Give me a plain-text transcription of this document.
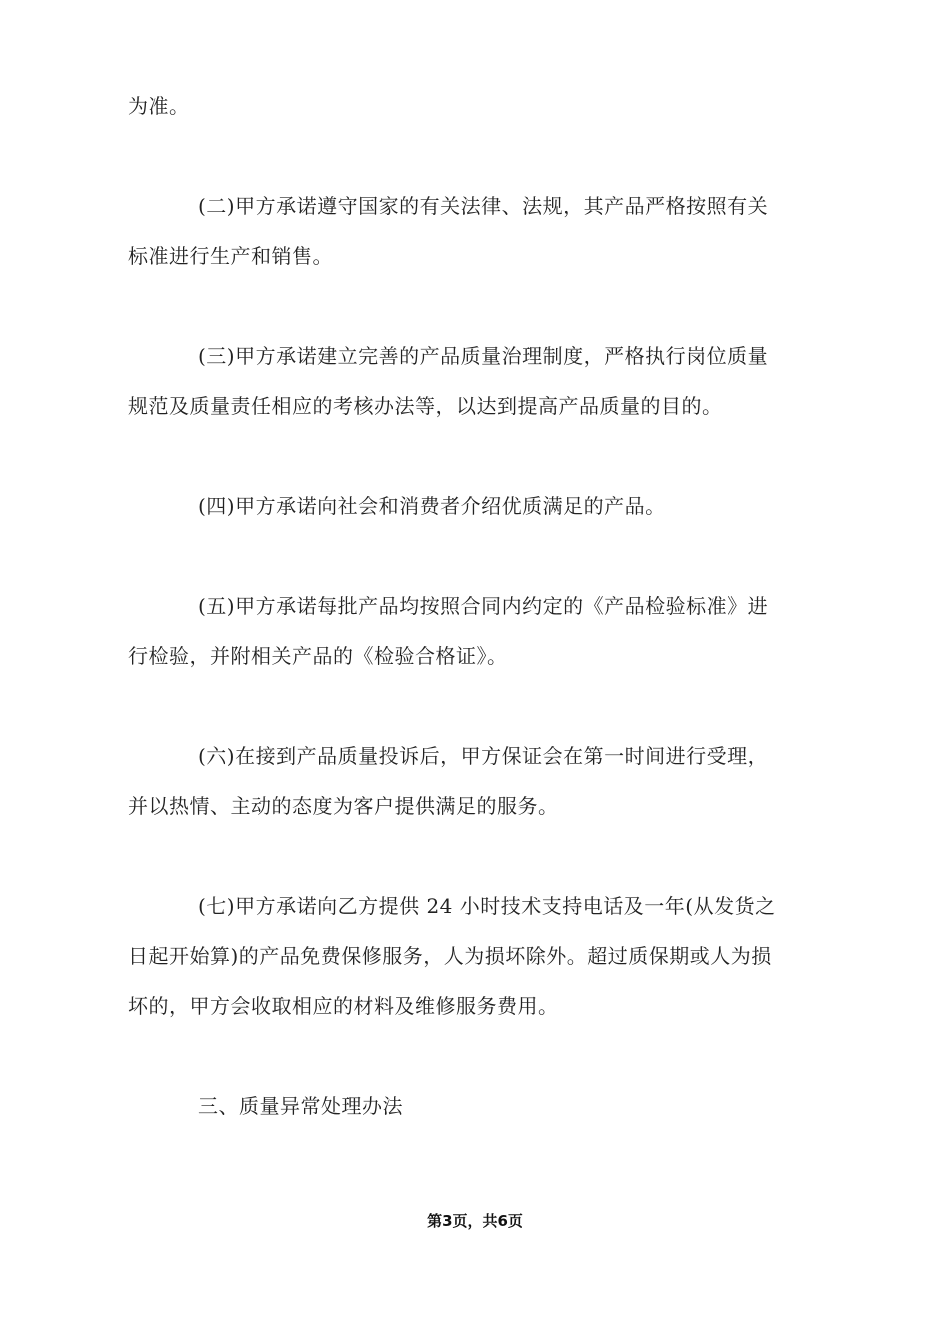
为准。
(二)甲方承诺遵守国家的有关法律、法规，其产品严格按照有关
标准进行生产和销售。
(三)甲方承诺建立完善的产品质量治理制度，严格执行岗位质量
规范及质量责任相应的考核办法等，以达到提高产品质量的目的。
(四)甲方承诺向社会和消费者介绍优质满足的产品。
(五)甲方承诺每批产品均按照合同内约定的《产品检验标准》进
行检验，并附相关产品的《检验合格证》。
(六)在接到产品质量投诉后，甲方保证会在第一时间进行受理，
并以热情、主动的态度为客户提供满足的服务。
(七)甲方承诺向乙方提供 24 小时技术支持电话及一年(从发货之
日起开始算)的产品免费保修服务，人为损坏除外。超过质保期或人为损
坏的，甲方会收取相应的材料及维修服务费用。
三、质量异常处理办法
第3页，共6页
